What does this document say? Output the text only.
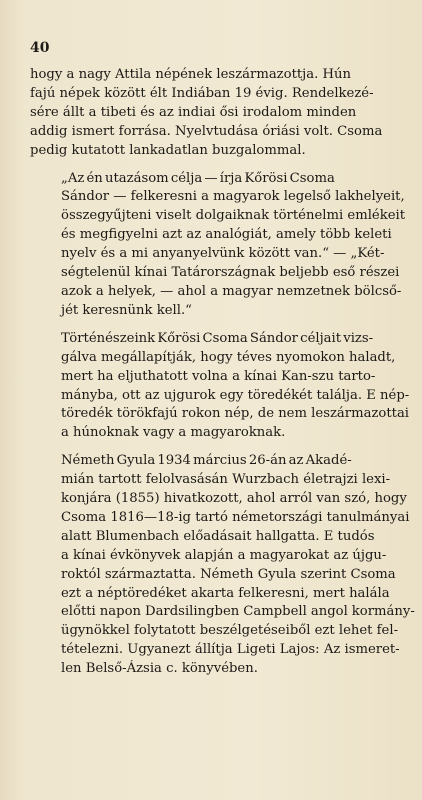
40

hogy a nagy Attila népének leszármazottja. Hún
fajú népek között élt Indiában 19 évig. Rendelkezé-
sére állt a tibeti és az indiai ősi irodalom minden
addig ismert forrása. Nyelvtudása óriási volt. Csoma
pedig kutatott lankadatlan buzgalommal.

„Az én utazásom célja — írja Kőrösi Csoma
Sándor — felkeresni a magyarok legelső lakhelyeit,
összegyűjteni viselt dolgaiknak történelmi emlékeit
és megfigyelni azt az analógiát, amely több keleti
nyelv és a mi anyanyelvünk között van.“ — „Két-
ségtelenül kínai Tatárországnak beljebb eső részei
azok a helyek, — ahol a magyar nemzetnek bölcső-
jét keresnünk kell.“

Történészeink Kőrösi Csoma Sándor céljait vizs-
gálva megállapítják, hogy téves nyomokon haladt,
mert ha eljuthatott volna a kínai Kan-szu tarto-
mányba, ott az ujgurok egy töredékét találja. E nép-
töredék törökfajú rokon nép, de nem leszármazottai
a húnoknak vagy a magyaroknak.

Németh Gyula 1934 március 26-án az Akadé-
mián tartott felolvasásán Wurzbach életrajzi lexi-
konjára (1855) hivatkozott, ahol arról van szó, hogy
Csoma 1816—18-ig tartó németországi tanulmányai
alatt Blumenbach előadásait hallgatta. E tudós
a kínai évkönyvek alapján a magyarokat az újgu-
roktól származtatta. Németh Gyula szerint Csoma
ezt a néptöredéket akarta felkeresni, mert halála
előtti napon Dardsilingben Campbell angol kormány-
ügynökkel folytatott beszélgetéseiből ezt lehet fel-
tételezni. Ugyanezt állítja Ligeti Lajos: Az ismeret-
len Belső-Ázsia c. könyvében.
